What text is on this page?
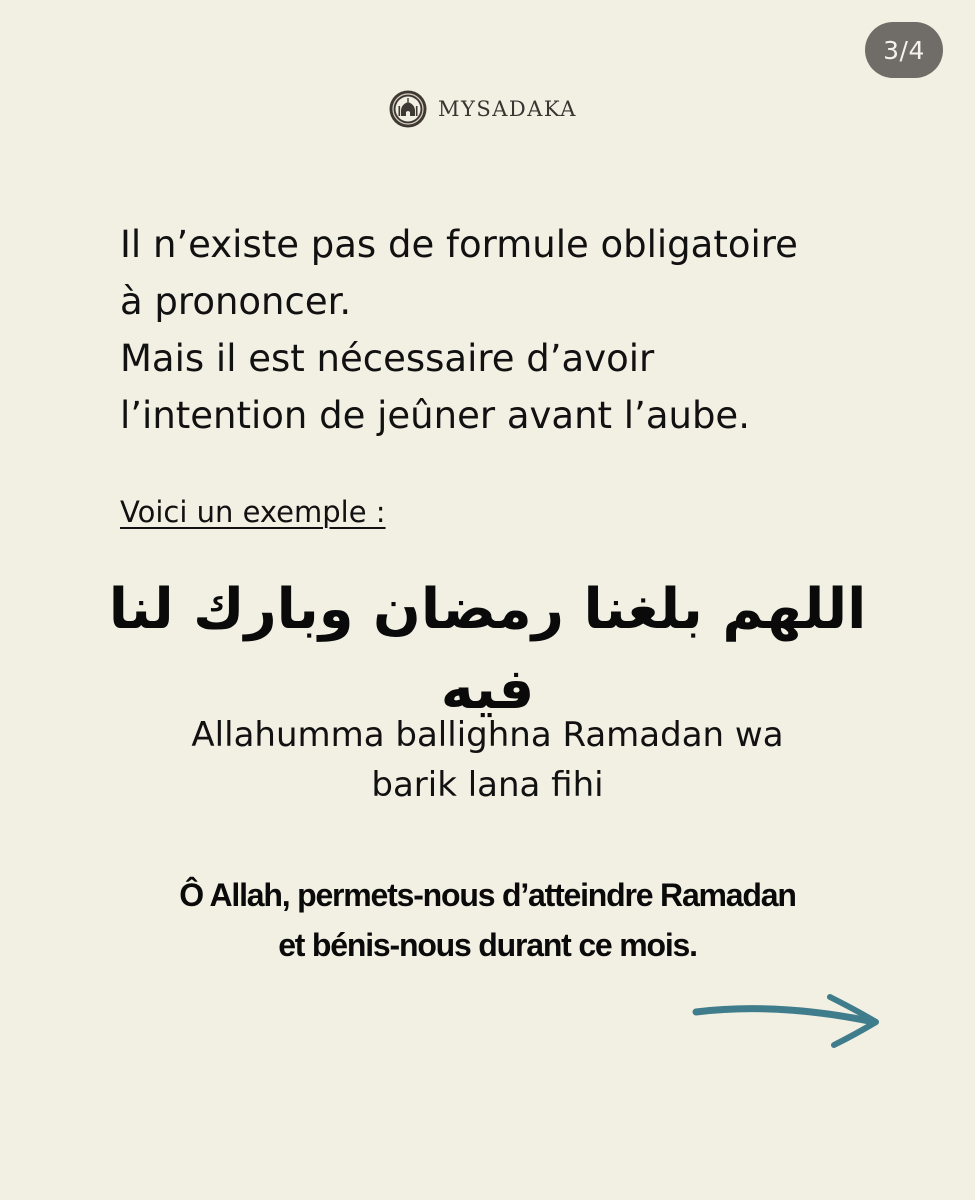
3/4
MYSADAKA

Il n’existe pas de formule obligatoire

à prononcer.

Mais il est nécessaire d’avoir

l’intention de jeûner avant l’aube.

Voici un exemple :
اللهم بلغنا رمضان وبارك لنا فيه
Allahumma ballighna Ramadan wa
barik lana fihi
Ô Allah, permets-nous d’atteindre Ramadan
et bénis-nous durant ce mois.
